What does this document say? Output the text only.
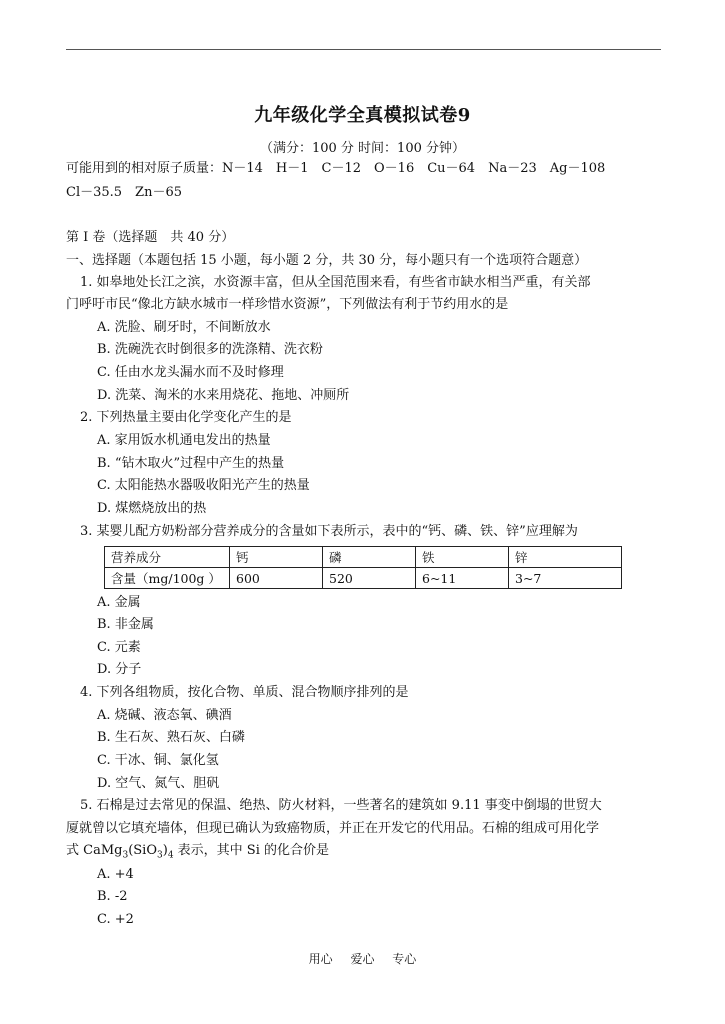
九年级化学全真模拟试卷9
（满分：100 分 时间：100 分钟）
可能用到的相对原子质量：N－14　H－1　C－12　O－16　Cu－64　Na－23　Ag－108
Cl－35.5　Zn－65
第 I 卷（选择题　共 40 分）
一、选择题（本题包括 15 小题，每小题 2 分，共 30 分，每小题只有一个选项符合题意）
1. 如皋地处长江之滨，水资源丰富，但从全国范围来看，有些省市缺水相当严重，有关部
门呼吁市民“像北方缺水城市一样珍惜水资源”，下列做法有利于节约用水的是
A. 洗脸、刷牙时，不间断放水
B. 洗碗洗衣时倒很多的洗涤精、洗衣粉
C. 任由水龙头漏水而不及时修理
D. 洗菜、淘米的水来用烧花、拖地、冲厕所
2. 下列热量主要由化学变化产生的是
A. 家用饭水机通电发出的热量
B. “钻木取火”过程中产生的热量
C. 太阳能热水器吸收阳光产生的热量
D. 煤燃烧放出的热
3. 某婴儿配方奶粉部分营养成分的含量如下表所示，表中的“钙、磷、铁、锌”应理解为
营养成分	钙	磷	铁	锌
含量（mg/100g ）	600	520	6~11	3~7
A. 金属
B. 非金属
C. 元素
D. 分子
4. 下列各组物质，按化合物、单质、混合物顺序排列的是
A. 烧碱、液态氧、碘酒
B. 生石灰、熟石灰、白磷
C. 干冰、铜、氯化氢
D. 空气、氮气、胆矾
5. 石棉是过去常见的保温、绝热、防火材料，一些著名的建筑如 9.11 事变中倒塌的世贸大
厦就曾以它填充墙体，但现已确认为致癌物质，并正在开发它的代用品。石棉的组成可用化学
式 $CaMg_3(SiO_3)_4$ 表示，其中 Si 的化合价是
A. +4
B. -2
C. +2
用心 爱心 专心
